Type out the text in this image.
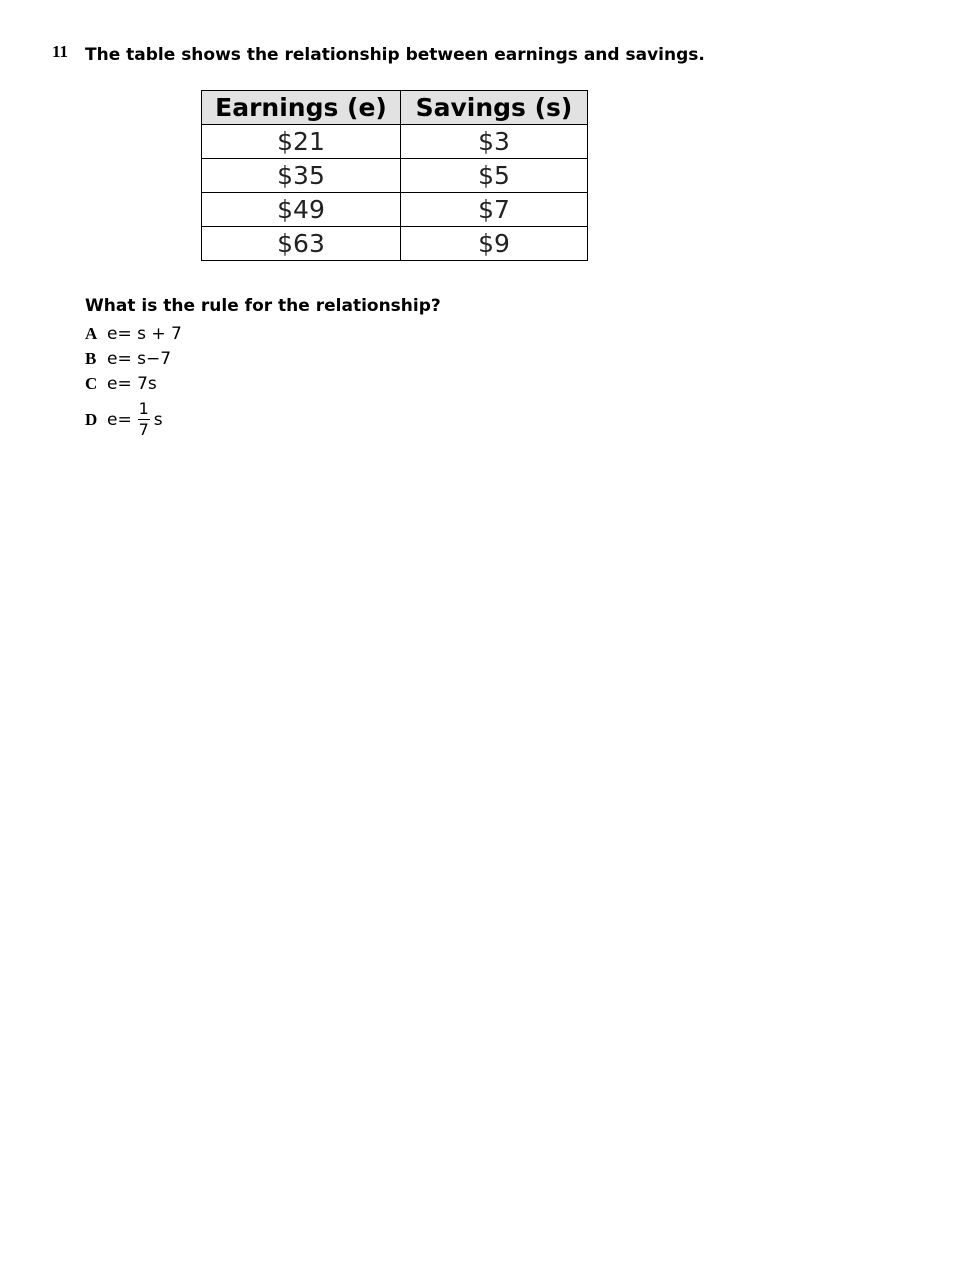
11 The table shows the relationship between earnings and savings.
Earnings (e)	Savings (s)
$21	$3
$35	$5
$49	$7
$63	$9
What is the rule for the relationship?
A e= s + 7
B e= s−7
C e= 7s
D $e= \frac{1}{7}$ s
